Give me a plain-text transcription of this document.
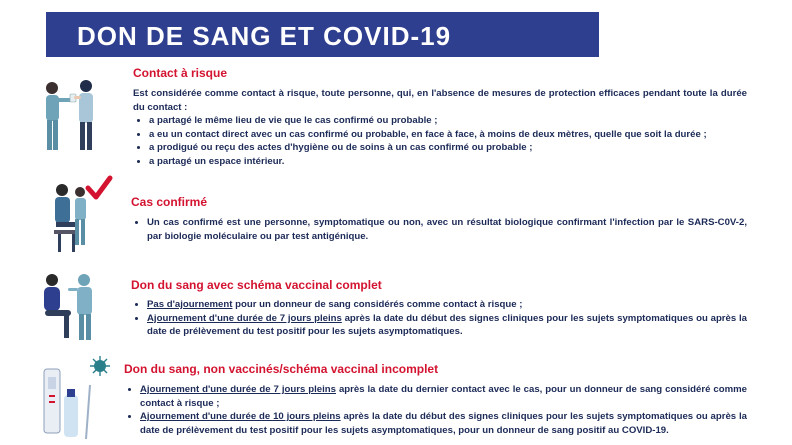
DON DE SANG ET COVID-19
Contact à risque

Est considérée comme contact à risque, toute personne, qui, en l'absence de mesures de protection efficaces pendant toute la durée du contact :

• a partagé le même lieu de vie que le cas confirmé ou probable ;
• a eu un contact direct avec un cas confirmé ou probable, en face à face, à moins de deux mètres, quelle que soit la durée ;
• a prodigué ou reçu des actes d'hygiène ou de soins à un cas confirmé ou probable ;
• a partagé un espace intérieur.
Cas confirmé
• Un cas confirmé est une personne, symptomatique ou non, avec un résultat biologique confirmant l'infection par le SARS-C0V-2, par biologie moléculaire ou par test antigénique.
Don du sang avec schéma vaccinal complet
• Pas d'ajournement pour un donneur de sang considérés comme contact à risque ;
• Ajournement d'une durée de 7 jours pleins après la date du début des signes cliniques pour les sujets symptomatiques ou après la date de prélèvement du test positif pour les sujets asymptomatiques.
Don du sang, non vaccinés/schéma vaccinal incomplet
• Ajournement d'une durée de 7 jours pleins après la date du dernier contact avec le cas, pour un donneur de sang considéré comme contact à risque ;
• Ajournement d'une durée de 10 jours pleins après la date du début des signes cliniques pour les sujets symptomatiques ou après la date de prélèvement du test positif pour les sujets asymptomatiques, pour un donneur de sang positif au COVID-19.
